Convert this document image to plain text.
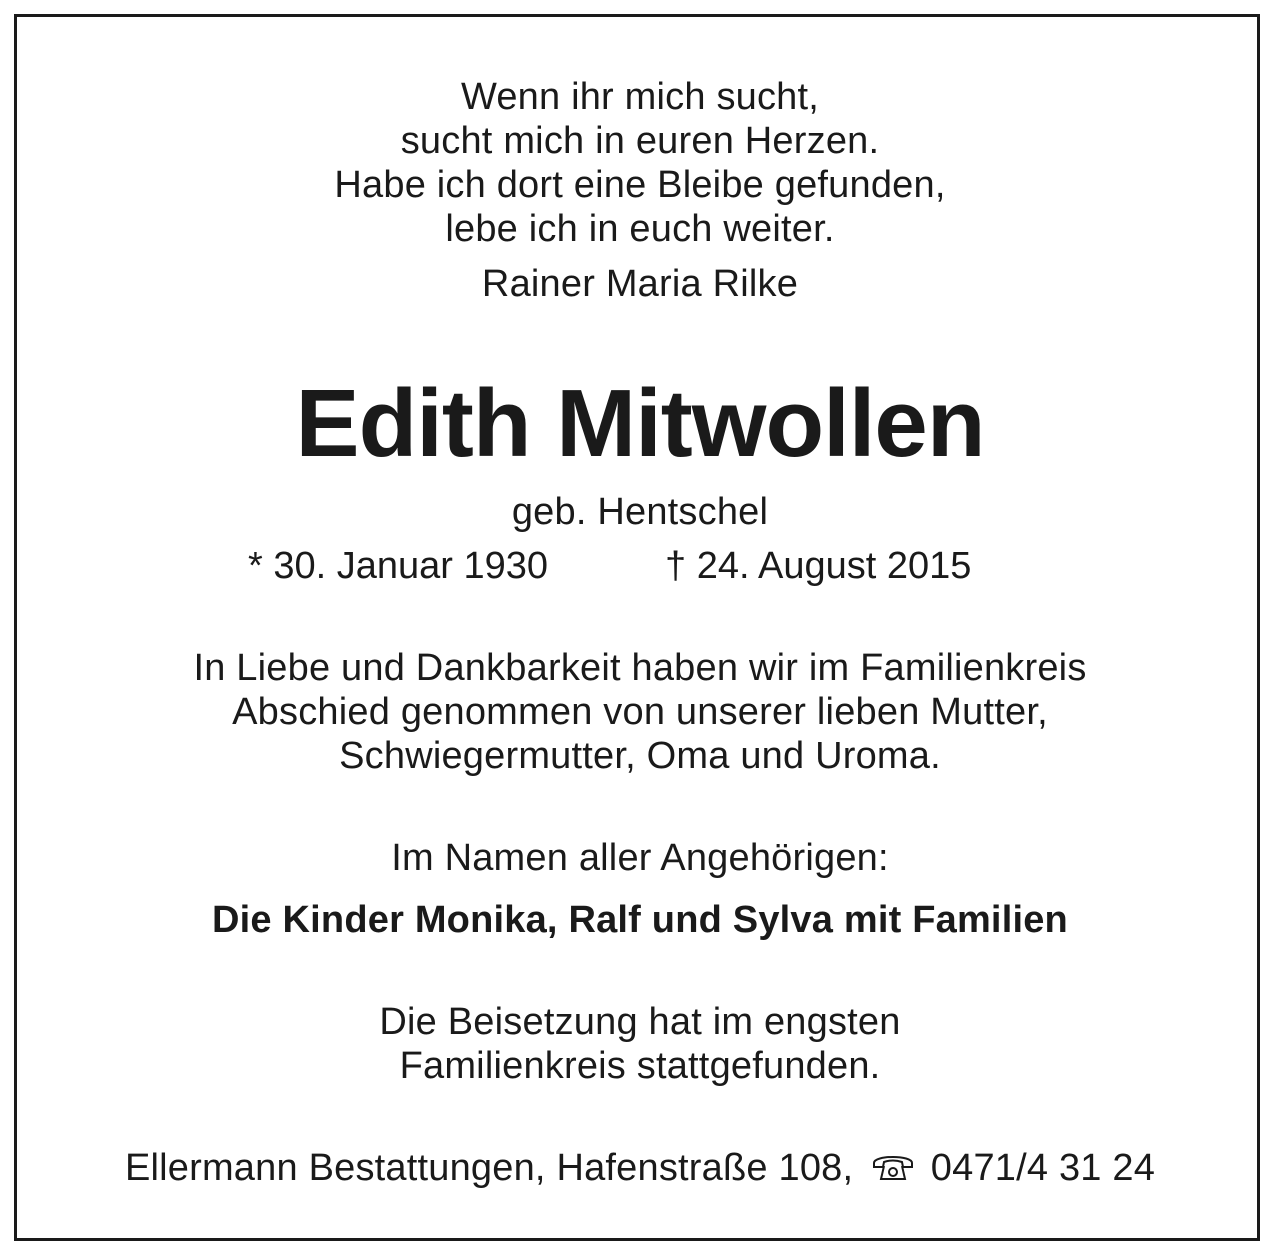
Wenn ihr mich sucht,
sucht mich in euren Herzen.
Habe ich dort eine Bleibe gefunden,
lebe ich in euch weiter.
Rainer Maria Rilke
Edith Mitwollen
geb. Hentschel
* 30. Januar 1930	† 24. August 2015
In Liebe und Dankbarkeit haben wir im Familienkreis
Abschied genommen von unserer lieben Mutter,
Schwiegermutter, Oma und Uroma.
Im Namen aller Angehörigen:
Die Kinder Monika, Ralf und Sylva mit Familien
Die Beisetzung hat im engsten
Familienkreis stattgefunden.
Ellermann Bestattungen, Hafenstraße 108, 0471/4 31 24
